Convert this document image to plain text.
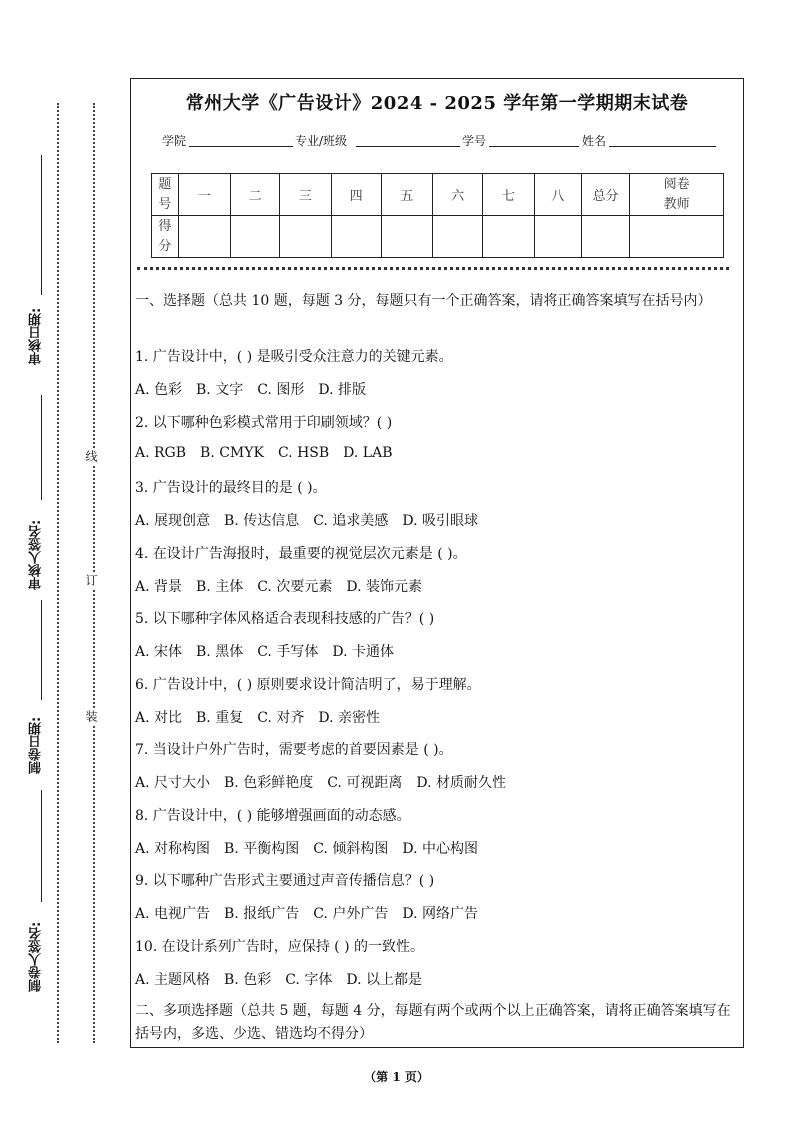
审核日期:
审核人签名:
制卷日期:
制卷人签名:
线
订
装
常州大学《广告设计》2024 - 2025 学年第一学期期末试卷
学院	专业/班级	学号	姓名
题号	一	二	三	四	五	六	七	八	总分	阅卷教师
得分										
一、选择题（总共 10 题，每题 3 分，每题只有一个正确答案，请将正确答案填写在括号内）
1. 广告设计中，( ) 是吸引受众注意力的关键元素。
A. 色彩 B. 文字 C. 图形 D. 排版
2. 以下哪种色彩模式常用于印刷领域？( )
A. RGB B. CMYK C. HSB D. LAB
3. 广告设计的最终目的是 ( )。
A. 展现创意 B. 传达信息 C. 追求美感 D. 吸引眼球
4. 在设计广告海报时，最重要的视觉层次元素是 ( )。
A. 背景 B. 主体 C. 次要元素 D. 装饰元素
5. 以下哪种字体风格适合表现科技感的广告？( )
A. 宋体 B. 黑体 C. 手写体 D. 卡通体
6. 广告设计中，( ) 原则要求设计简洁明了，易于理解。
A. 对比 B. 重复 C. 对齐 D. 亲密性
7. 当设计户外广告时，需要考虑的首要因素是 ( )。
A. 尺寸大小 B. 色彩鲜艳度 C. 可视距离 D. 材质耐久性
8. 广告设计中，( ) 能够增强画面的动态感。
A. 对称构图 B. 平衡构图 C. 倾斜构图 D. 中心构图
9. 以下哪种广告形式主要通过声音传播信息？( )
A. 电视广告 B. 报纸广告 C. 户外广告 D. 网络广告
10. 在设计系列广告时，应保持 ( ) 的一致性。
A. 主题风格 B. 色彩 C. 字体 D. 以上都是
二、多项选择题（总共 5 题，每题 4 分，每题有两个或两个以上正确答案，请将正确答案填写在括号内，多选、少选、错选均不得分）
（第 1 页）
